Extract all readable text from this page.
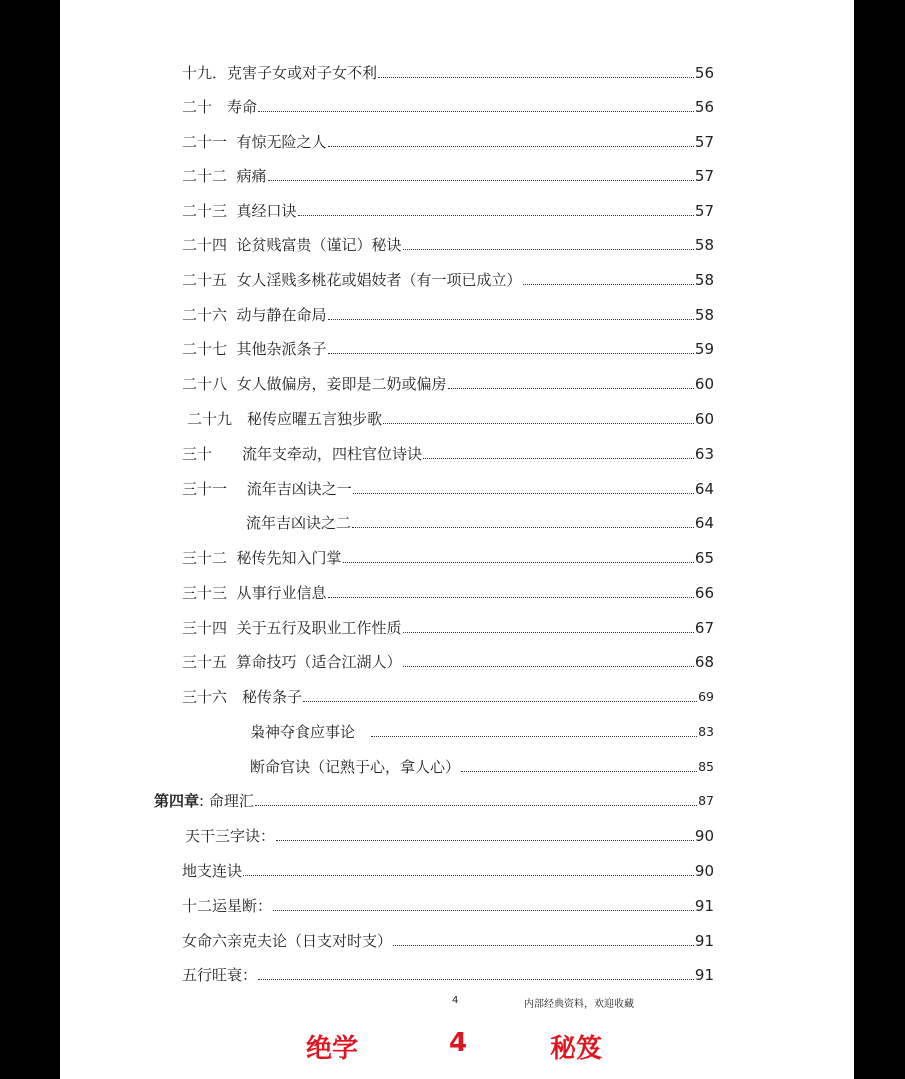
十九．克害子女或对子女不利	56
二十　寿命	56
二十一  有惊无险之人	57
二十二  病痛	57
二十三  真经口诀	57
二十四  论贫贱富贵（谨记）秘诀	58
二十五  女人淫贱多桃花或娼妓者（有一项已成立）	58
二十六  动与静在命局	58
二十七  其他杂派条子	59
二十八  女人做偏房，妾即是二奶或偏房	60
二十九　秘传应曜五言独步歌	60
三十　　流年支牵动，四柱官位诗诀	63
三十一　 流年吉凶诀之一	64
流年吉凶诀之二	64
三十二  秘传先知入门掌	65
三十三  从事行业信息	66
三十四  关于五行及职业工作性质	67
三十五  算命技巧（适合江湖人）	68
三十六　秘传条子	69
枭神夺食应事论　	83
断命官诀（记熟于心，拿人心）	85
第四章 : 命理汇	87
天干三字诀：	90
地支连诀	90
十二运星断：	91
女命六亲克夫论（日支对时支）	91
五行旺衰：	91
4	内部经典资料，欢迎收藏
绝学	4	秘笈
